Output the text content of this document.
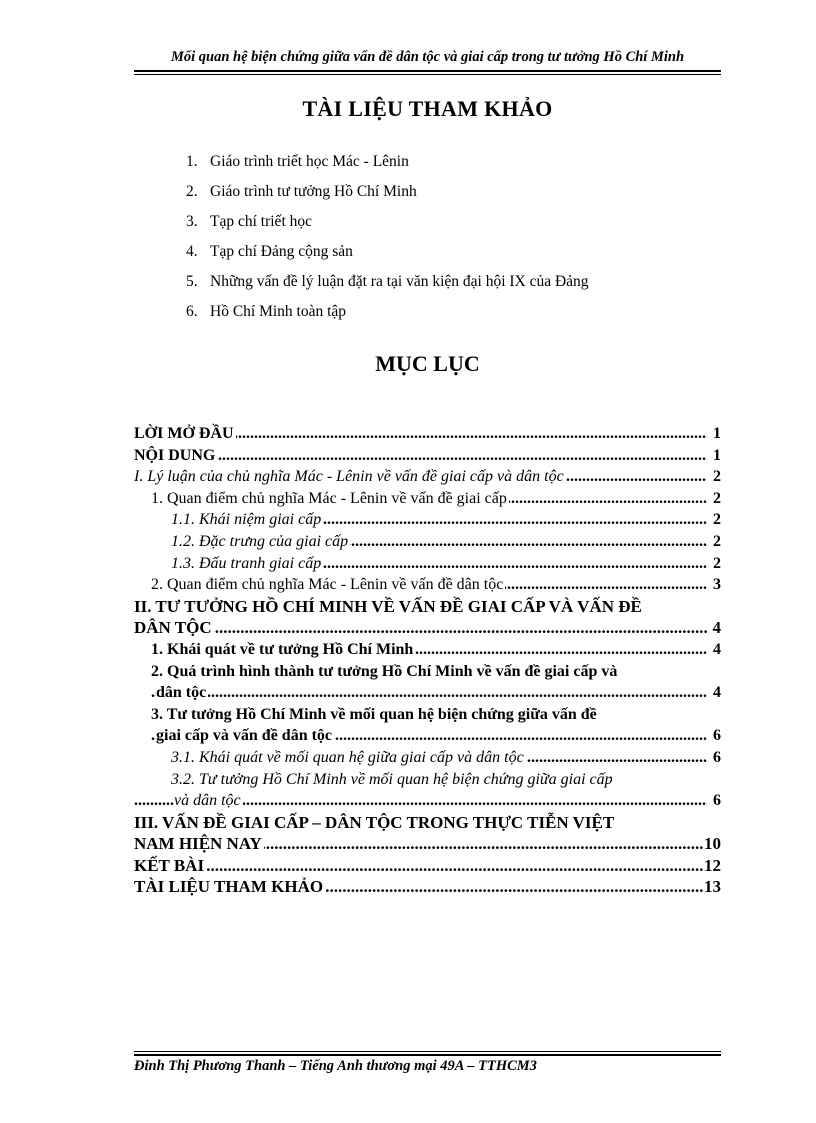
Mối quan hệ biện chứng giữa vấn đề dân tộc và giai cấp trong tư tưởng Hồ Chí Minh
TÀI LIỆU THAM KHẢO
1. Giáo trình triết học Mác - Lênin
2. Giáo trình tư tưởng Hồ Chí Minh
3. Tạp chí triết học
4. Tạp chí Đảng cộng sản
5. Những vấn đề lý luận đặt ra tại văn kiện đại hội IX của Đảng
6. Hồ Chí Minh toàn tập
MỤC LỤC
..... LỜI MỞ ĐẦU	1
..... NỘI DUNG	1
..... I. Lý luận của chủ nghĩa Mác - Lênin về vấn đề giai cấp và dân tộc	2
..... 1. Quan điểm chủ nghĩa Mác - Lênin về vấn đề giai cấp	2
..... 1.1. Khái niệm giai cấp	2
..... 1.2. Đặc trưng của giai cấp	2
..... 1.3. Đấu tranh giai cấp	2
..... 2. Quan điểm chủ nghĩa Mác - Lênin về vấn đề dân tộc	3
II. TƯ TƯỞNG HỒ CHÍ MINH VỀ VẤN ĐỀ GIAI CẤP VÀ VẤN ĐỀ
..... DÂN TỘC	4
..... 1. Khái quát về tư tưởng Hồ Chí Minh	4
2. Quá trình hình thành tư tưởng Hồ Chí Minh về vấn đề giai cấp và
..... dân tộc	4
3. Tư tưởng Hồ Chí Minh về mối quan hệ biện chứng giữa vấn đề
..... giai cấp và vấn đề dân tộc	6
..... 3.1. Khái quát về mối quan hệ giữa giai cấp và dân tộc	6
3.2. Tư tưởng Hồ Chí Minh về mối quan hệ biện chứng giữa giai cấp
..... và dân tộc	6
III. VẤN ĐỀ GIAI CẤP – DÂN TỘC TRONG THỰC TIỄN VIỆT
..... NAM HIỆN NAY	10
..... KẾT BÀI	12
..... TÀI LIỆU THAM KHẢO	13
Đinh Thị Phương Thanh – Tiếng Anh thương mại 49A – TTHCM3
